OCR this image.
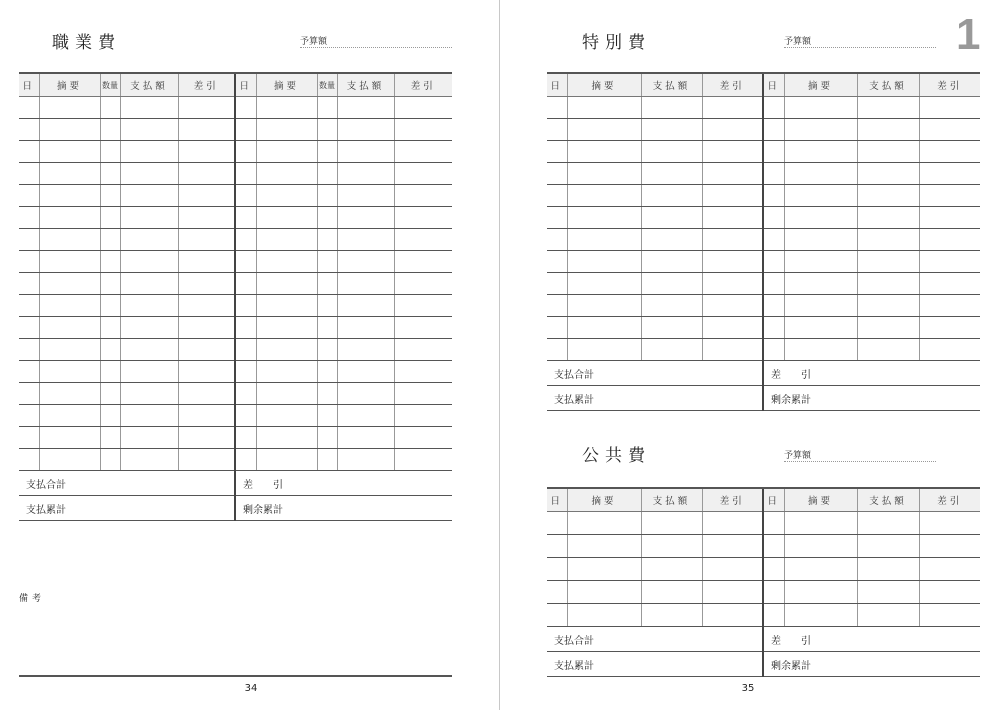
職業費	予算額
日	摘要	数量	支払額	差引	日	摘要	数量	支払額	差引

支払合計					差　　引				
支払累計					剰余累計				
備考
34
特別費	予算額	1
日	摘要	支払額	差引	日	摘要	支払額	差引

支払合計				差　　引			
支払累計				剰余累計			
公共費	予算額
日	摘要	支払額	差引	日	摘要	支払額	差引

支払合計				差　　引			
支払累計				剰余累計			
35
